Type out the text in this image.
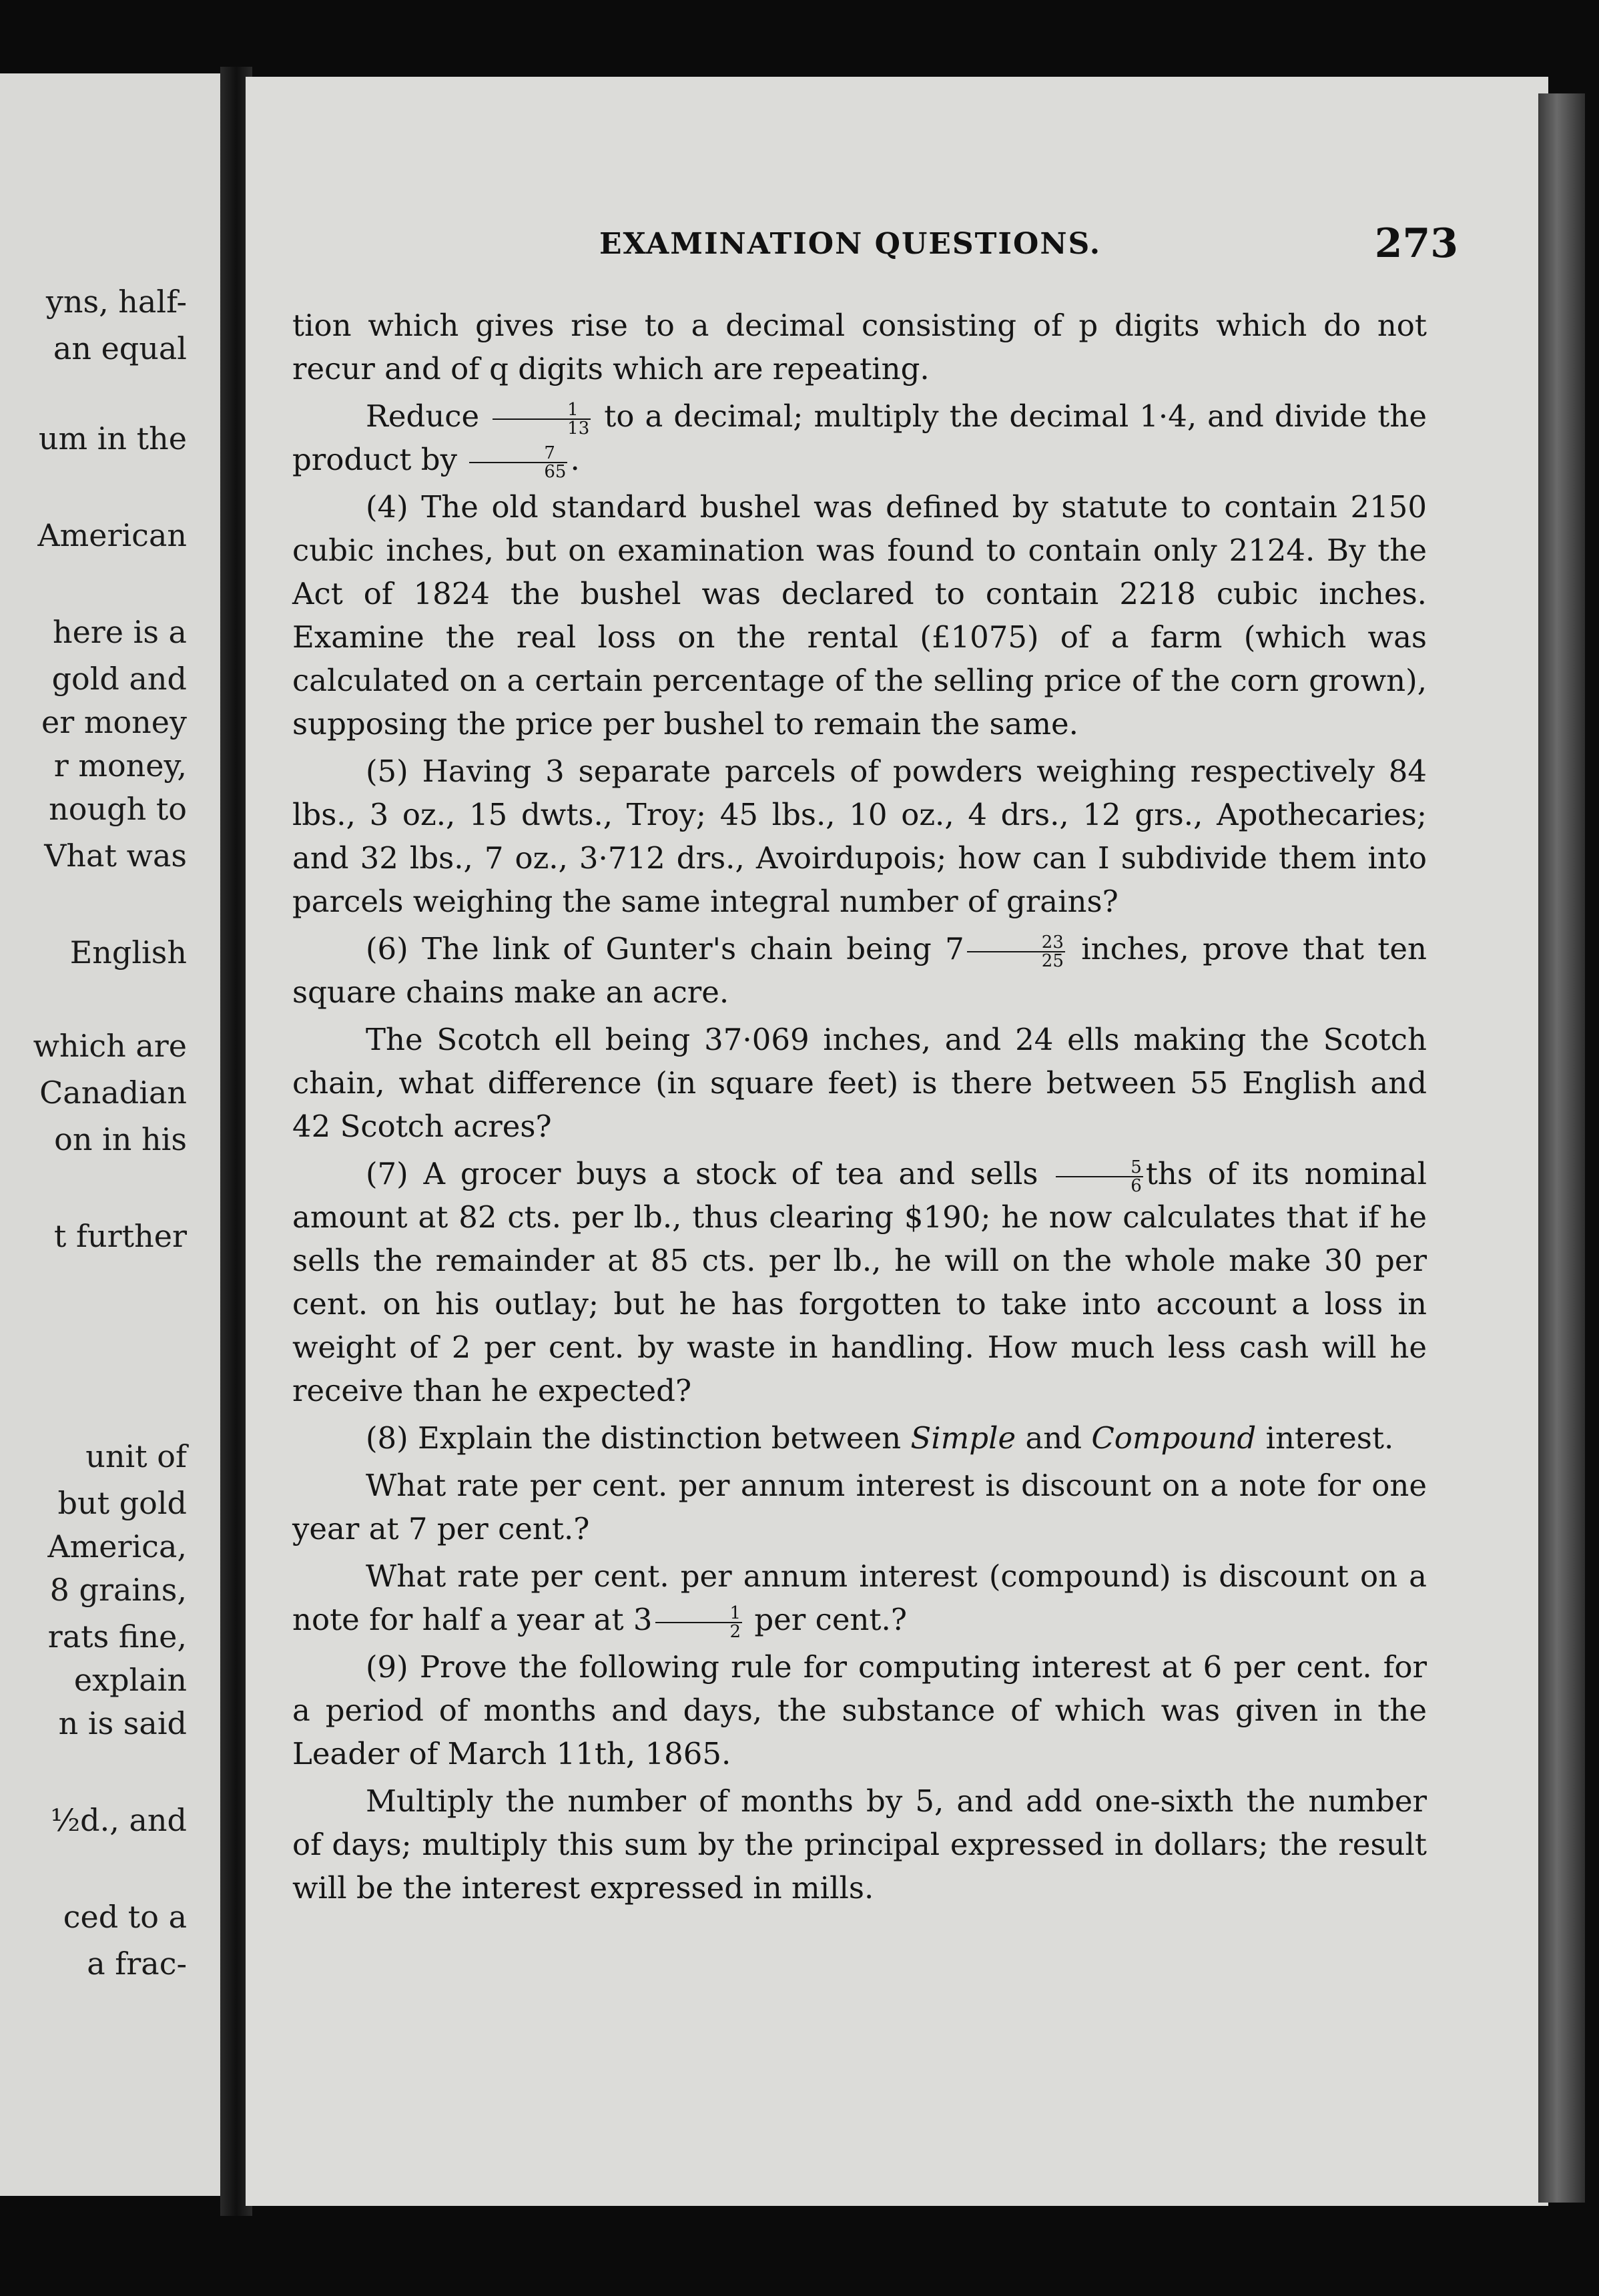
yns, half-
an equal
um in the
American
here is a
gold and
er money
r money,
nough to
Vhat was
English
which are
Canadian
on in his
t further
unit of
but gold
America,
8 grains,
rats fine,
explain
n is said
½d., and
ced to a
a frac-
EXAMINATION QUESTIONS.	273

tion which gives rise to a decimal consisting of p digits which do not recur and of q digits which are repeating.

Reduce $\frac{1}{13}$ to a decimal; multiply the decimal 1·4, and divide the product by $\frac{7}{65}$ .

(4) The old standard bushel was defined by statute to contain 2150 cubic inches, but on examination was found to contain only 2124. By the Act of 1824 the bushel was declared to contain 2218 cubic inches. Examine the real loss on the rental (£1075) of a farm (which was calculated on a certain percentage of the selling price of the corn grown), supposing the price per bushel to remain the same.

(5) Having 3 separate parcels of powders weighing respectively 84 lbs., 3 oz., 15 dwts., Troy; 45 lbs., 10 oz., 4 drs., 12 grs., Apothecaries; and 32 lbs., 7 oz., 3·712 drs., Avoirdupois; how can I subdivide them into parcels weighing the same integral number of grains?

(6) The link of Gunter's chain being $7 \frac{23}{25}$ inches, prove that ten square chains make an acre.

The Scotch ell being 37·069 inches, and 24 ells making the Scotch chain, what difference (in square feet) is there between 55 English and 42 Scotch acres?

(7) A grocer buys a stock of tea and sells $\frac{5}{6}$ ths of its nominal amount at 82 cts. per lb., thus clearing $190; he now calculates that if he sells the remainder at 85 cts. per lb., he will on the whole make 30 per cent. on his outlay; but he has forgotten to take into account a loss in weight of 2 per cent. by waste in handling. How much less cash will he receive than he expected?

(8) Explain the distinction between Simple and Compound interest.

What rate per cent. per annum interest is discount on a note for one year at 7 per cent.?

What rate per cent. per annum interest (compound) is discount on a note for half a year at $3 \frac{1}{2}$ per cent.?

(9) Prove the following rule for computing interest at 6 per cent. for a period of months and days, the substance of which was given in the Leader of March 11th, 1865.

Multiply the number of months by 5, and add one-sixth the number of days; multiply this sum by the principal expressed in dollars; the result will be the interest expressed in mills.
